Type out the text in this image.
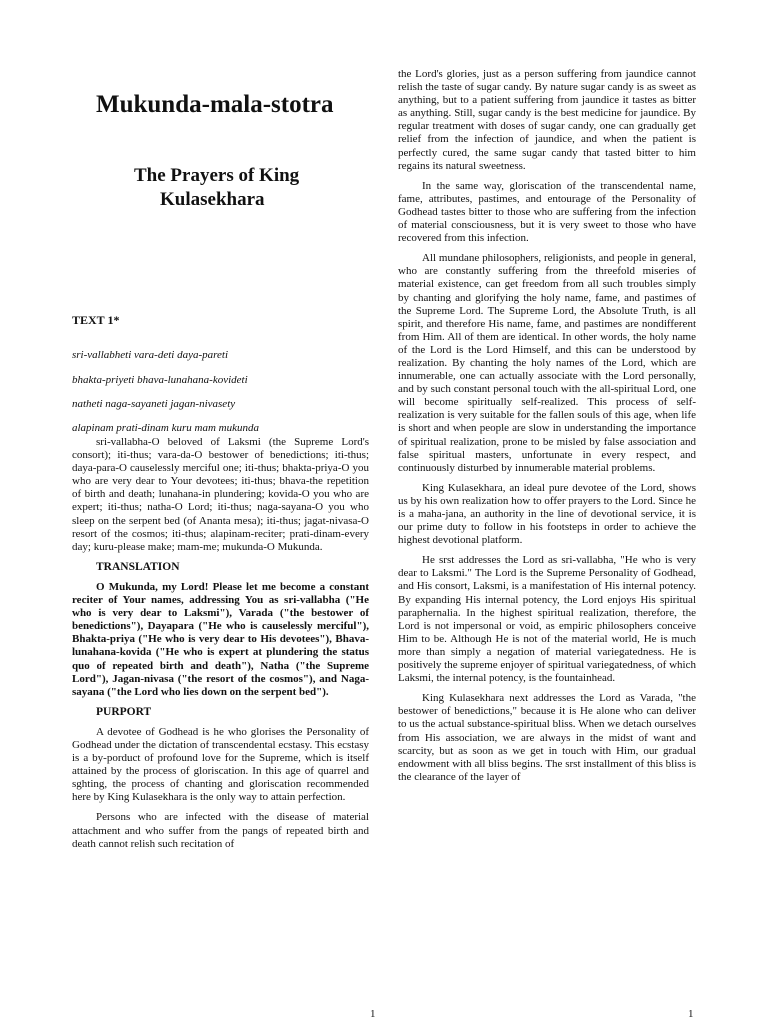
Mukunda-mala-stotra
The Prayers of King
Kulasekhara
TEXT 1*
sri-vallabheti vara-deti daya-pareti
bhakta-priyeti bhava-lunahana-kovideti
natheti naga-sayaneti jagan-nivasety
alapinam prati-dinam kuru mam mukunda

sri-vallabha-O beloved of Laksmi (the Supreme Lord's consort); iti-thus; vara-da-O bestower of benedictions; iti-thus; daya-para-O causelessly merciful one; iti-thus; bhakta-priya-O you who are very dear to Your devotees; iti-thus; bhava-the repetition of birth and death; lunahana-in plundering; kovida-O you who are expert; iti-thus; natha-O Lord; iti-thus; naga-sayana-O you who sleep on the serpent bed (of Ananta mesa); iti-thus; jagat-nivasa-O resort of the cosmos; iti-thus; alapinam-reciter; prati-dinam-every day; kuru-please make; mam-me; mukunda-O Mukunda.

TRANSLATION

O Mukunda, my Lord! Please let me become a constant reciter of Your names, addressing You as sri-vallabha ("He who is very dear to Laksmi"), Varada ("the bestower of benedictions"), Dayapara ("He who is causelessly merciful"), Bhakta-priya ("He who is very dear to His devotees"), Bhava-lunahana-kovida ("He who is expert at plundering the status quo of repeated birth and death"), Natha ("the Supreme Lord"), Jagan-nivasa ("the resort of the cosmos"), and Naga-sayana ("the Lord who lies down on the serpent bed").

PURPORT

A devotee of Godhead is he who glorises the Personality of Godhead under the dictation of transcendental ecstasy. This ecstasy is a by-porduct of profound love for the Supreme, which is itself attained by the process of gloriscation. In this age of quarrel and sghting, the process of chanting and gloriscation recommended here by King Kulasekhara is the only way to attain perfection.

Persons who are infected with the disease of material attachment and who suffer from the pangs of repeated birth and death cannot relish such recitation of

the Lord's glories, just as a person suffering from jaundice cannot relish the taste of sugar candy. By nature sugar candy is as sweet as anything, but to a patient suffering from jaundice it tastes as bitter as anything. Still, sugar candy is the best medicine for jaundice. By regular treatment with doses of sugar candy, one can gradually get relief from the infection of jaundice, and when the patient is perfectly cured, the same sugar candy that tasted bitter to him regains its natural sweetness.

In the same way, gloriscation of the transcendental name, fame, attributes, pastimes, and entourage of the Personality of Godhead tastes bitter to those who are suffering from the infection of material consciousness, but it is very sweet to those who have recovered from this infection.

All mundane philosophers, religionists, and people in general, who are constantly suffering from the threefold miseries of material existence, can get freedom from all such troubles simply by chanting and glorifying the holy name, fame, and pastimes of the Supreme Lord. The Supreme Lord, the Absolute Truth, is all spirit, and therefore His name, fame, and pastimes are nondifferent from Him. All of them are identical. In other words, the holy name of the Lord is the Lord Himself, and this can be understood by realization. By chanting the holy names of the Lord, which are innumerable, one can actually associate with the Lord personally, and by such constant personal touch with the all-spiritual Lord, one will become spiritually self-realized. This process of self-realization is very suitable for the fallen souls of this age, when life is short and when people are slow in understanding the importance of spiritual realization, prone to be misled by false association and false spiritual masters, unfortunate in every respect, and continuously disturbed by innumerable material problems.

King Kulasekhara, an ideal pure devotee of the Lord, shows us by his own realization how to offer prayers to the Lord. Since he is a maha-jana, an authority in the line of devotional service, it is our prime duty to follow in his footsteps in order to achieve the highest devotional platform.

He srst addresses the Lord as sri-vallabha, "He who is very dear to Laksmi." The Lord is the Supreme Personality of Godhead, and His consort, Laksmi, is a manifestation of His internal potency. By expanding His internal potency, the Lord enjoys His spiritual paraphernalia. In the highest spiritual realization, therefore, the Lord is not impersonal or void, as empiric philosophers conceive Him to be. Although He is not of the material world, He is much more than simply a negation of material variegatedness. He is positively the supreme enjoyer of spiritual variegatedness, of which Laksmi, the internal potency, is the fountainhead.

King Kulasekhara next addresses the Lord as Varada, "the bestower of benedictions," because it is He alone who can deliver to us the actual substance-spiritual bliss. When we detach ourselves from His association, we are always in the midst of want and scarcity, but as soon as we get in touch with Him, our gradual endowment with all bliss begins. The srst installment of this bliss is the clearance of the layer of

1	1
